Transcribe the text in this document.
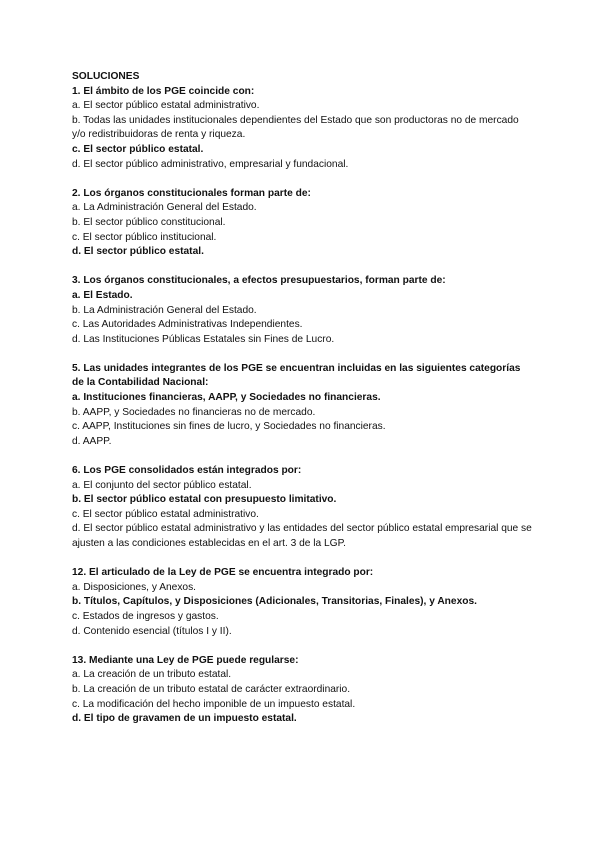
SOLUCIONES
1. El ámbito de los PGE coincide con:
a. El sector público estatal administrativo.
b. Todas las unidades institucionales dependientes del Estado que son productoras no de mercado y/o redistribuidoras de renta y riqueza.
c. El sector público estatal.
d. El sector público administrativo, empresarial y fundacional.
2. Los órganos constitucionales forman parte de:
a. La Administración General del Estado.
b. El sector público constitucional.
c. El sector público institucional.
d. El sector público estatal.
3. Los órganos constitucionales, a efectos presupuestarios, forman parte de:
a. El Estado.
b. La Administración General del Estado.
c. Las Autoridades Administrativas Independientes.
d. Las Instituciones Públicas Estatales sin Fines de Lucro.
5. Las unidades integrantes de los PGE se encuentran incluidas en las siguientes categorías de la Contabilidad Nacional:
a. Instituciones financieras, AAPP, y Sociedades no financieras.
b. AAPP, y Sociedades no financieras no de mercado.
c. AAPP, Instituciones sin fines de lucro, y Sociedades no financieras.
d. AAPP.
6. Los PGE consolidados están integrados por:
a. El conjunto del sector público estatal.
b. El sector público estatal con presupuesto limitativo.
c. El sector público estatal administrativo.
d. El sector público estatal administrativo y las entidades del sector público estatal empresarial que se ajusten a las condiciones establecidas en el art. 3 de la LGP.
12. El articulado de la Ley de PGE se encuentra integrado por:
a. Disposiciones, y Anexos.
b. Títulos, Capítulos, y Disposiciones (Adicionales, Transitorias, Finales), y Anexos.
c. Estados de ingresos y gastos.
d. Contenido esencial (títulos I y II).
13. Mediante una Ley de PGE puede regularse:
a. La creación de un tributo estatal.
b. La creación de un tributo estatal de carácter extraordinario.
c. La modificación del hecho imponible de un impuesto estatal.
d. El tipo de gravamen de un impuesto estatal.
